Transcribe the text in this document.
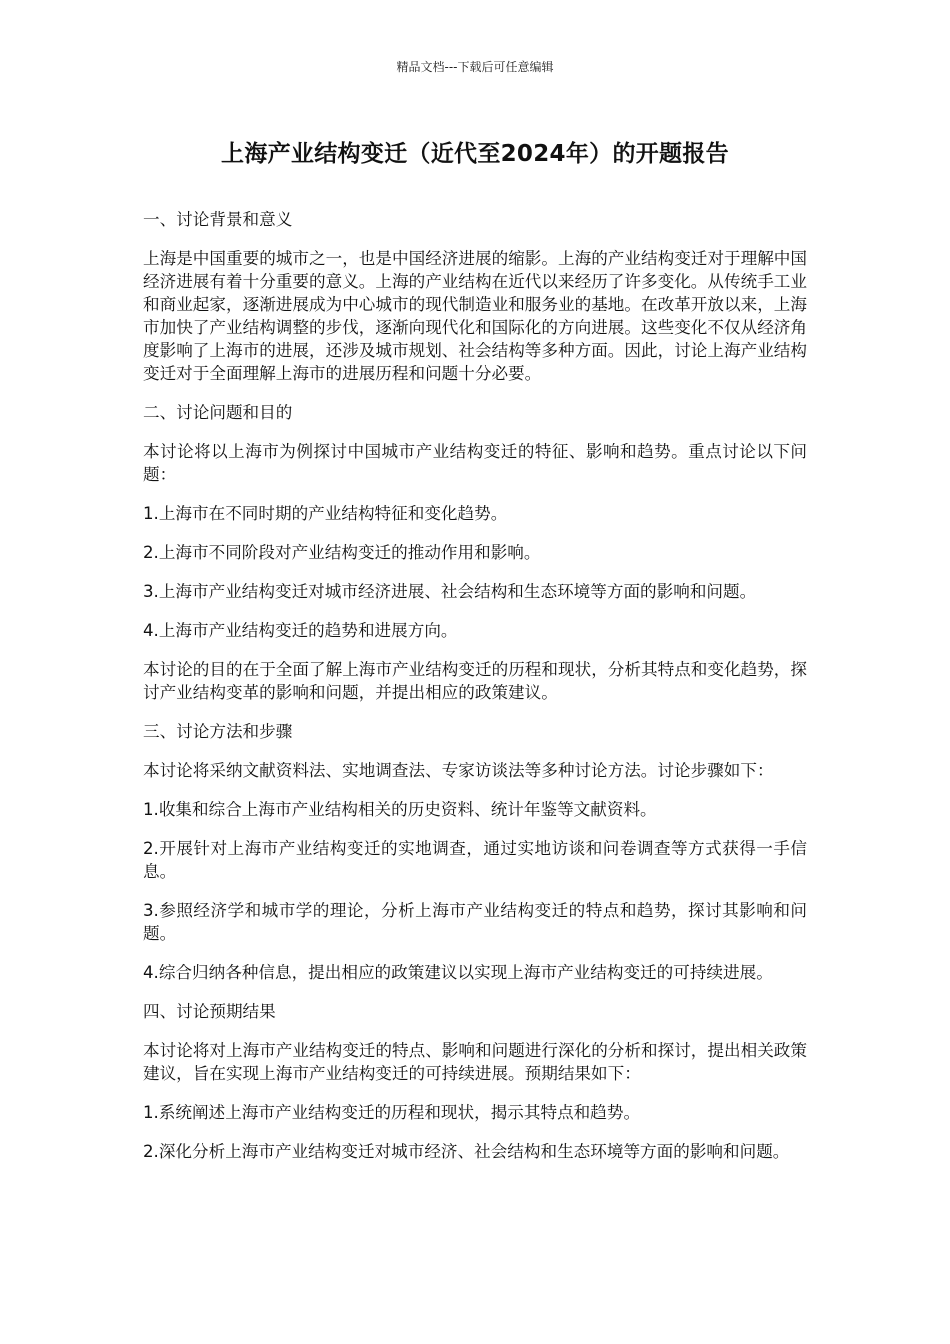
精品文档---下载后可任意编辑
上海产业结构变迁（近代至2024年）的开题报告
一、讨论背景和意义

上海是中国重要的城市之一，也是中国经济进展的缩影。上海的产业结构变迁对于理解中国经济进展有着十分重要的意义。上海的产业结构在近代以来经历了许多变化。从传统手工业和商业起家，逐渐进展成为中心城市的现代制造业和服务业的基地。在改革开放以来，上海市加快了产业结构调整的步伐，逐渐向现代化和国际化的方向进展。这些变化不仅从经济角度影响了上海市的进展，还涉及城市规划、社会结构等多种方面。因此，讨论上海产业结构变迁对于全面理解上海市的进展历程和问题十分必要。

二、讨论问题和目的

本讨论将以上海市为例探讨中国城市产业结构变迁的特征、影响和趋势。重点讨论以下问题：

1.上海市在不同时期的产业结构特征和变化趋势。

2.上海市不同阶段对产业结构变迁的推动作用和影响。

3.上海市产业结构变迁对城市经济进展、社会结构和生态环境等方面的影响和问题。

4.上海市产业结构变迁的趋势和进展方向。

本讨论的目的在于全面了解上海市产业结构变迁的历程和现状，分析其特点和变化趋势，探讨产业结构变革的影响和问题，并提出相应的政策建议。

三、讨论方法和步骤

本讨论将采纳文献资料法、实地调查法、专家访谈法等多种讨论方法。讨论步骤如下：

1.收集和综合上海市产业结构相关的历史资料、统计年鉴等文献资料。

2.开展针对上海市产业结构变迁的实地调查，通过实地访谈和问卷调查等方式获得一手信息。

3.参照经济学和城市学的理论，分析上海市产业结构变迁的特点和趋势，探讨其影响和问题。

4.综合归纳各种信息，提出相应的政策建议以实现上海市产业结构变迁的可持续进展。

四、讨论预期结果

本讨论将对上海市产业结构变迁的特点、影响和问题进行深化的分析和探讨，提出相关政策建议，旨在实现上海市产业结构变迁的可持续进展。预期结果如下：

1.系统阐述上海市产业结构变迁的历程和现状，揭示其特点和趋势。

2.深化分析上海市产业结构变迁对城市经济、社会结构和生态环境等方面的影响和问题。
